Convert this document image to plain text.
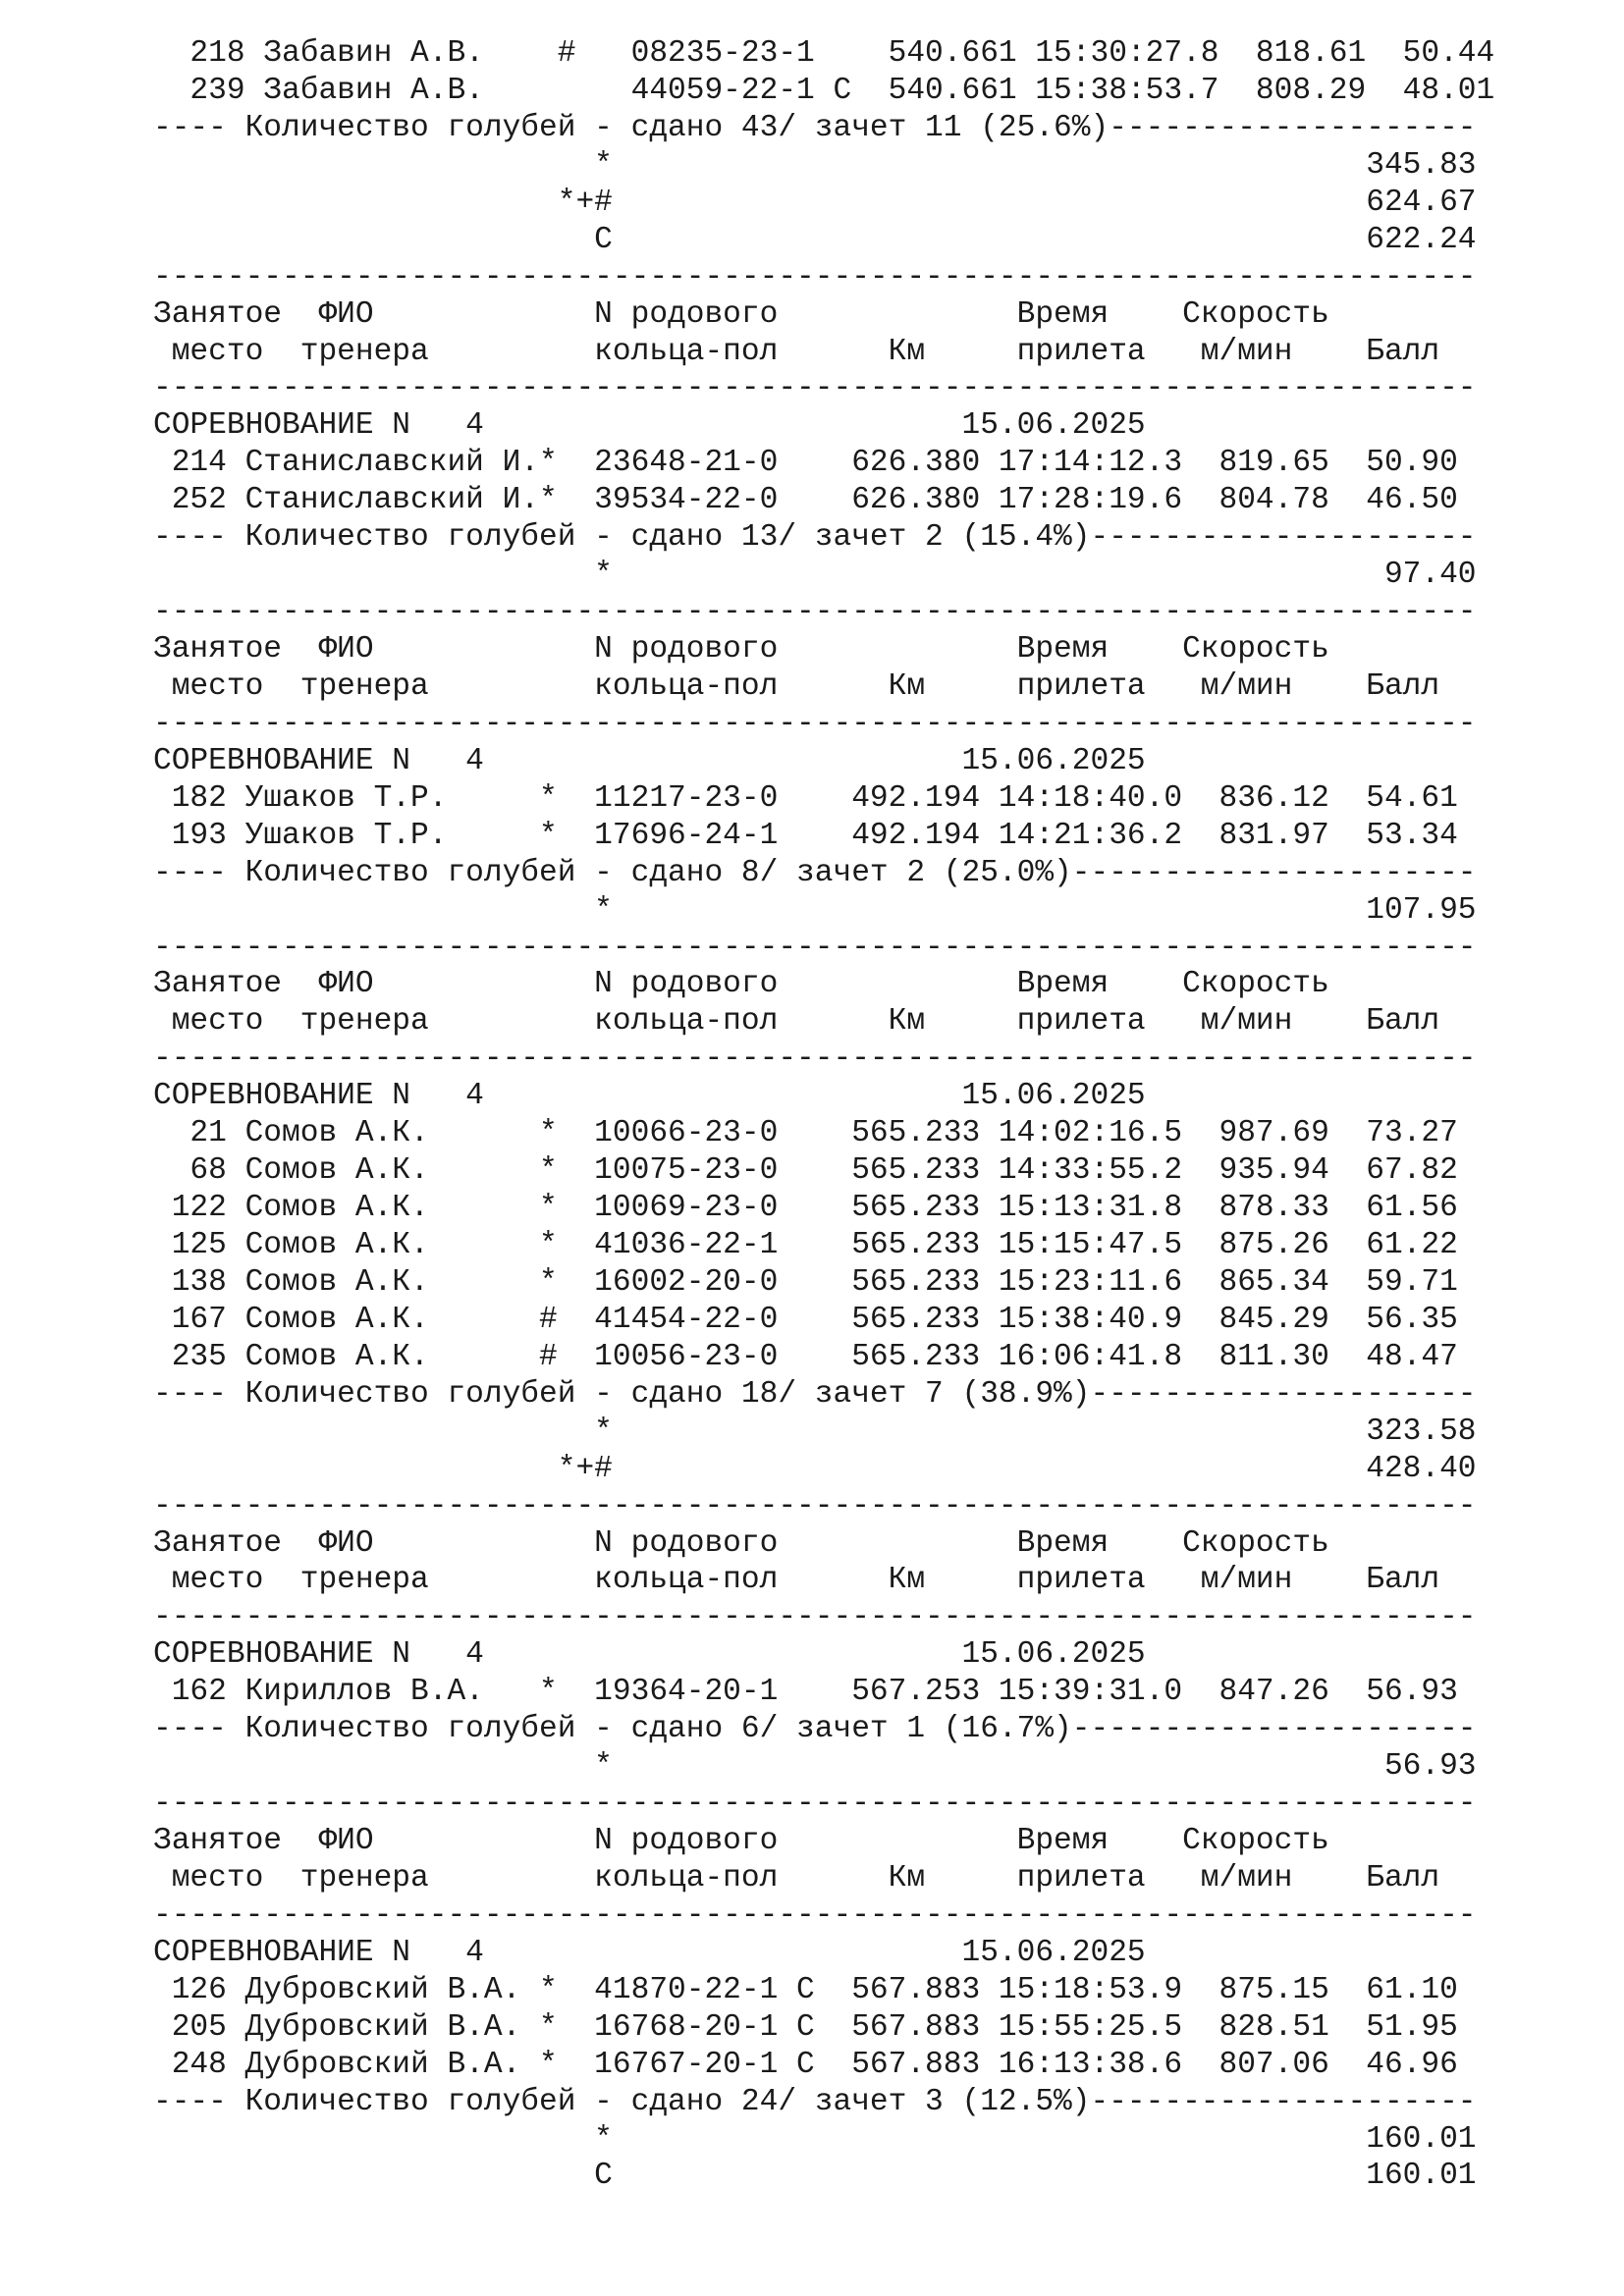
218 Забавин А.В.    #   08235-23-1    540.661 15:30:27.8  818.61  50.44
239 Забавин А.В.        44059-22-1 С  540.661 15:38:53.7  808.29  48.01
---- Количество голубей - сдано 43/ зачет 11 (25.6%)--------------------
*                                         345.83
*+#                                         624.67
С                                         622.24
------------------------------------------------------------------------
Занятое  ФИО            N родового             Время    Скорость
место  тренера         кольца-пол      Км     прилета   м/мин    Балл
------------------------------------------------------------------------
СОРЕВНОВАНИЕ N   4                          15.06.2025
214 Станиславский И.*  23648-21-0    626.380 17:14:12.3  819.65  50.90
252 Станиславский И.*  39534-22-0    626.380 17:28:19.6  804.78  46.50
---- Количество голубей - сдано 13/ зачет 2 (15.4%)---------------------
*                                          97.40
------------------------------------------------------------------------
Занятое  ФИО            N родового             Время    Скорость
место  тренера         кольца-пол      Км     прилета   м/мин    Балл
------------------------------------------------------------------------
СОРЕВНОВАНИЕ N   4                          15.06.2025
182 Ушаков Т.Р.     *  11217-23-0    492.194 14:18:40.0  836.12  54.61
193 Ушаков Т.Р.     *  17696-24-1    492.194 14:21:36.2  831.97  53.34
---- Количество голубей - сдано 8/ зачет 2 (25.0%)----------------------
*                                         107.95
------------------------------------------------------------------------
Занятое  ФИО            N родового             Время    Скорость
место  тренера         кольца-пол      Км     прилета   м/мин    Балл
------------------------------------------------------------------------
СОРЕВНОВАНИЕ N   4                          15.06.2025
21 Сомов А.К.      *  10066-23-0    565.233 14:02:16.5  987.69  73.27
68 Сомов А.К.      *  10075-23-0    565.233 14:33:55.2  935.94  67.82
122 Сомов А.К.      *  10069-23-0    565.233 15:13:31.8  878.33  61.56
125 Сомов А.К.      *  41036-22-1    565.233 15:15:47.5  875.26  61.22
138 Сомов А.К.      *  16002-20-0    565.233 15:23:11.6  865.34  59.71
167 Сомов А.К.      #  41454-22-0    565.233 15:38:40.9  845.29  56.35
235 Сомов А.К.      #  10056-23-0    565.233 16:06:41.8  811.30  48.47
---- Количество голубей - сдано 18/ зачет 7 (38.9%)---------------------
*                                         323.58
*+#                                         428.40
------------------------------------------------------------------------
Занятое  ФИО            N родового             Время    Скорость
место  тренера         кольца-пол      Км     прилета   м/мин    Балл
------------------------------------------------------------------------
СОРЕВНОВАНИЕ N   4                          15.06.2025
162 Кириллов В.А.   *  19364-20-1    567.253 15:39:31.0  847.26  56.93
---- Количество голубей - сдано 6/ зачет 1 (16.7%)----------------------
*                                          56.93
------------------------------------------------------------------------
Занятое  ФИО            N родового             Время    Скорость
место  тренера         кольца-пол      Км     прилета   м/мин    Балл
------------------------------------------------------------------------
СОРЕВНОВАНИЕ N   4                          15.06.2025
126 Дубровский В.А. *  41870-22-1 С  567.883 15:18:53.9  875.15  61.10
205 Дубровский В.А. *  16768-20-1 С  567.883 15:55:25.5  828.51  51.95
248 Дубровский В.А. *  16767-20-1 С  567.883 16:13:38.6  807.06  46.96
---- Количество голубей - сдано 24/ зачет 3 (12.5%)---------------------
*                                         160.01
С                                         160.01
